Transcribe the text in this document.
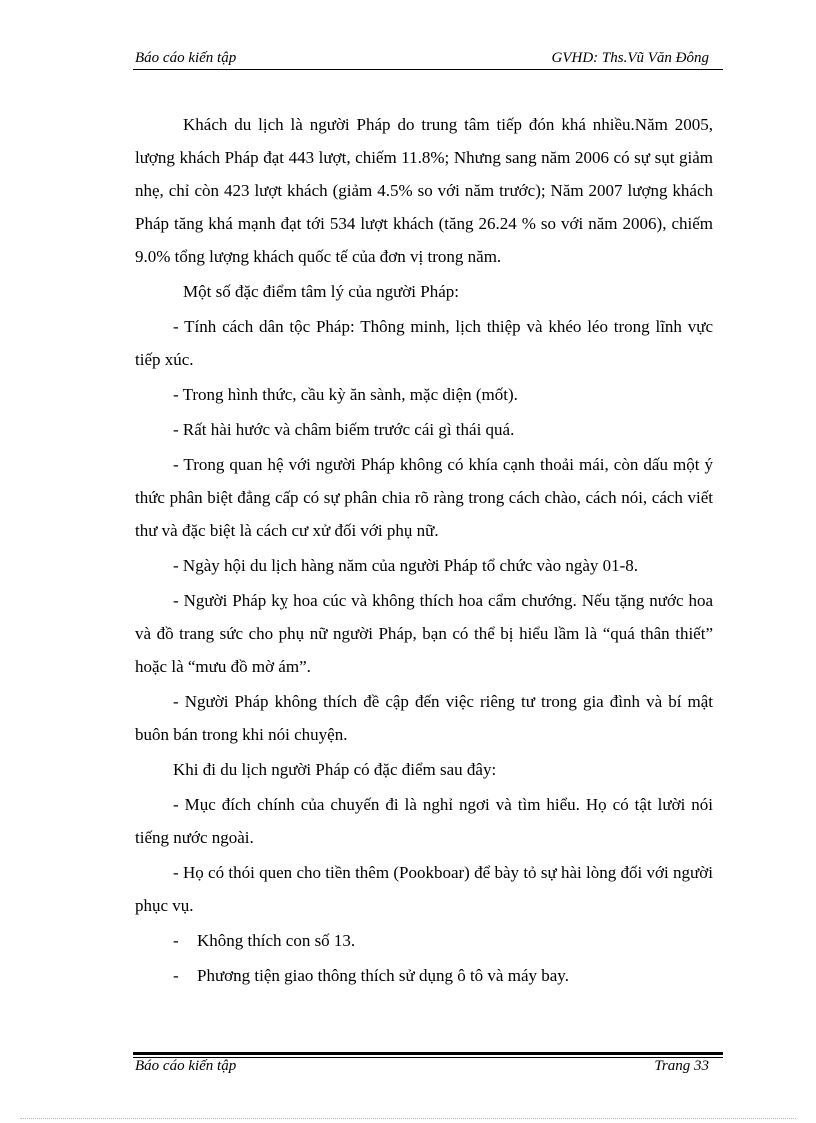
Báo cáo kiến tập	GVHD: Ths.Vũ Văn Đông

Khách du lịch là người Pháp do trung tâm tiếp đón khá nhiều.Năm 2005, lượng khách Pháp đạt 443 lượt, chiếm 11.8%; Nhưng sang năm 2006 có sự sụt giảm nhẹ, chỉ còn 423 lượt khách (giảm 4.5% so với năm trước); Năm 2007 lượng khách Pháp tăng khá mạnh đạt tới 534 lượt khách (tăng 26.24 % so với năm 2006), chiếm 9.0% tổng lượng khách quốc tế của đơn vị trong năm.

Một số đặc điểm tâm lý của người Pháp:

- Tính cách dân tộc Pháp: Thông minh, lịch thiệp và khéo léo trong lĩnh vực tiếp xúc.

- Trong hình thức, cầu kỳ ăn sành, mặc diện (mốt).

- Rất hài hước và châm biếm trước cái gì thái quá.

- Trong quan hệ với người Pháp không có khía cạnh thoải mái, còn dấu một ý thức phân biệt đẳng cấp có sự phân chia rõ ràng trong cách chào, cách nói, cách viết thư và đặc biệt là cách cư xử đối với phụ nữ.

- Ngày hội du lịch hàng năm của người Pháp tổ chức vào ngày 01-8.

- Người Pháp kỵ hoa cúc và không thích hoa cẩm chướng. Nếu tặng nước hoa và đồ trang sức cho phụ nữ người Pháp, bạn có thể bị hiểu lầm là “quá thân thiết” hoặc là “mưu đồ mờ ám”.

- Người Pháp không thích đề cập đến việc riêng tư trong gia đình và bí mật buôn bán trong khi nói chuyện.

Khi đi du lịch người Pháp có đặc điểm sau đây:

- Mục đích chính của chuyến đi là nghỉ ngơi và tìm hiểu. Họ có tật lười nói tiếng nước ngoài.

- Họ có thói quen cho tiền thêm (Pookboar) để bày tỏ sự hài lòng đối với người phục vụ.

- Không thích con số 13.

- Phương tiện giao thông thích sử dụng ô tô và máy bay.

Báo cáo kiến tập	Trang 33
